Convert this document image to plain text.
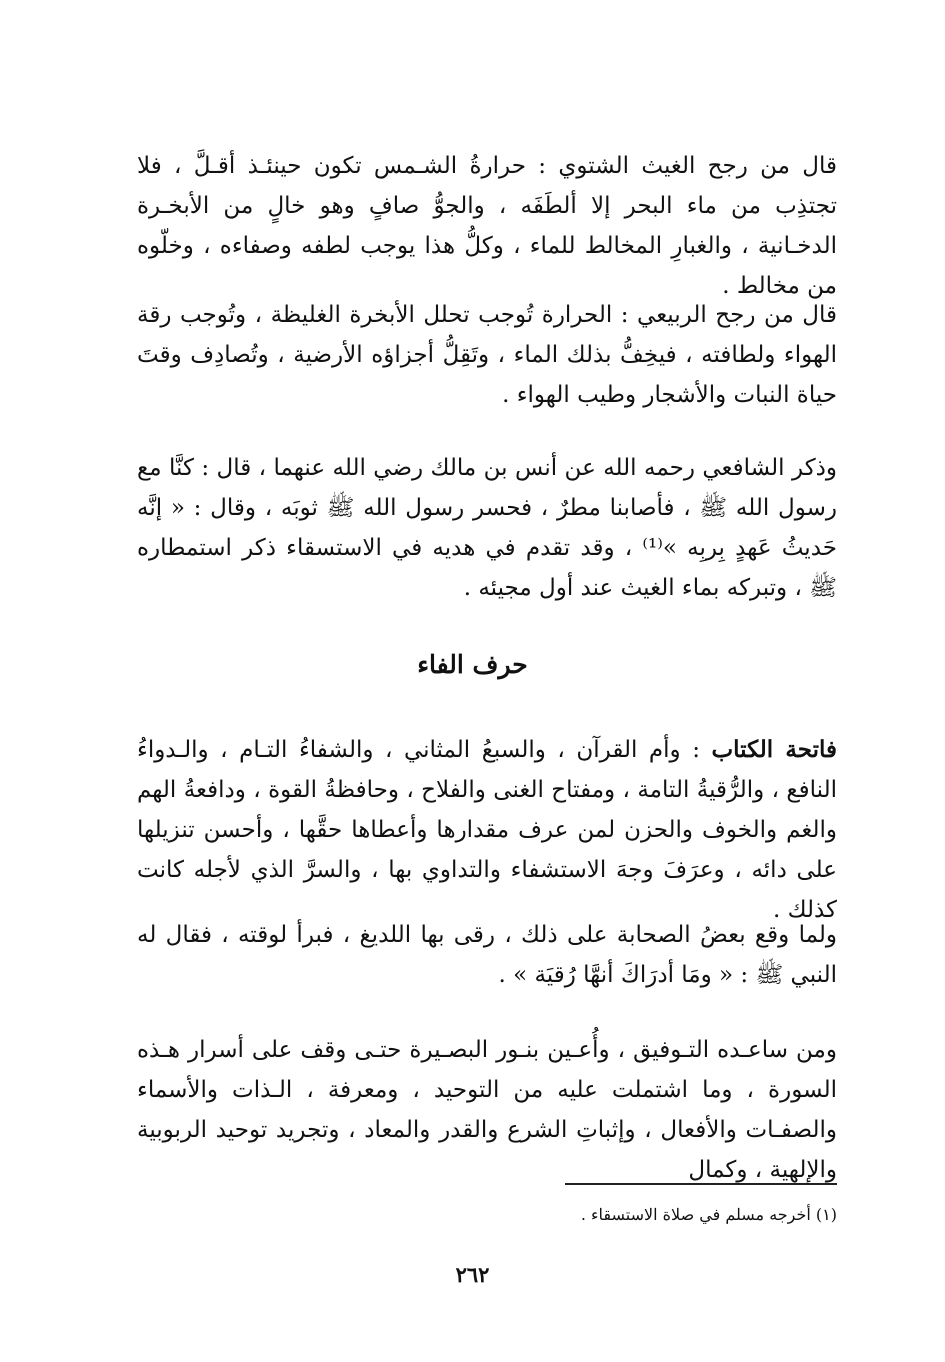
قال من رجح الغيث الشتوي : حرارةُ الشـمس تكون حينئـذ أقـلَّ ، فلا تجتذِب من ماء البحر إلا ألطَفَه ، والجوُّ صافٍ وهو خالٍ من الأبخـرة الدخـانية ، والغبارِ المخالط للماء ، وكلُّ هذا يوجب لطفه وصفاءه ، وخلّوه من مخالط .

قال من رجح الربيعي : الحرارة تُوجب تحلل الأبخرة الغليظة ، وتُوجب رقة الهواء ولطافته ، فيخِفُّ بذلك الماء ، وتَقِلُّ أجزاؤه الأرضية ، وتُصادِف وقتَ حياة النبات والأشجار وطيب الهواء .

وذكر الشافعي رحمه الله عن أنس بن مالك رضي الله عنهما ، قال : كنَّا مع رسول الله ﷺ ، فأصابنا مطرٌ ، فحسر رسول الله ﷺ ثوبَه ، وقال : « إنَّه حَديثُ عَهدٍ بِربِه »⁽¹⁾ ، وقد تقدم في هديه في الاستسقاء ذكر استمطاره ﷺ ، وتبركه بماء الغيث عند أول مجيئه .

حرف الفاء

فاتحة الكتاب : وأم القرآن ، والسبعُ المثاني ، والشفاءُ التـام ، والـدواءُ النافع ، والرُّقيةُ التامة ، ومفتاح الغنى والفلاح ، وحافظةُ القوة ، ودافعةُ الهم والغم والخوف والحزن لمن عرف مقدارها وأعطاها حقَّها ، وأحسن تنزيلها على دائه ، وعرَفَ وجهَ الاستشفاء والتداوي بها ، والسرَّ الذي لأجله كانت كذلك .

ولما وقع بعضُ الصحابة على ذلك ، رقى بها اللديغ ، فبرأ لوقته ، فقال له النبي ﷺ : « ومَا أدرَاكَ أنهَّا رُقيَة » .

ومن ساعـده التـوفيق ، وأُعـين بنـور البصـيرة حتـى وقف على أسرار هـذه السورة ، وما اشتملت عليه من التوحيد ، ومعرفة ، الـذات والأسماء والصفـات والأفعال ، وإثباتِ الشرع والقدر والمعاد ، وتجريد توحيد الربوبية والإلهية ، وكمال

(١) أخرجه مسلم في صلاة الاستسقاء .

٢٦٢
